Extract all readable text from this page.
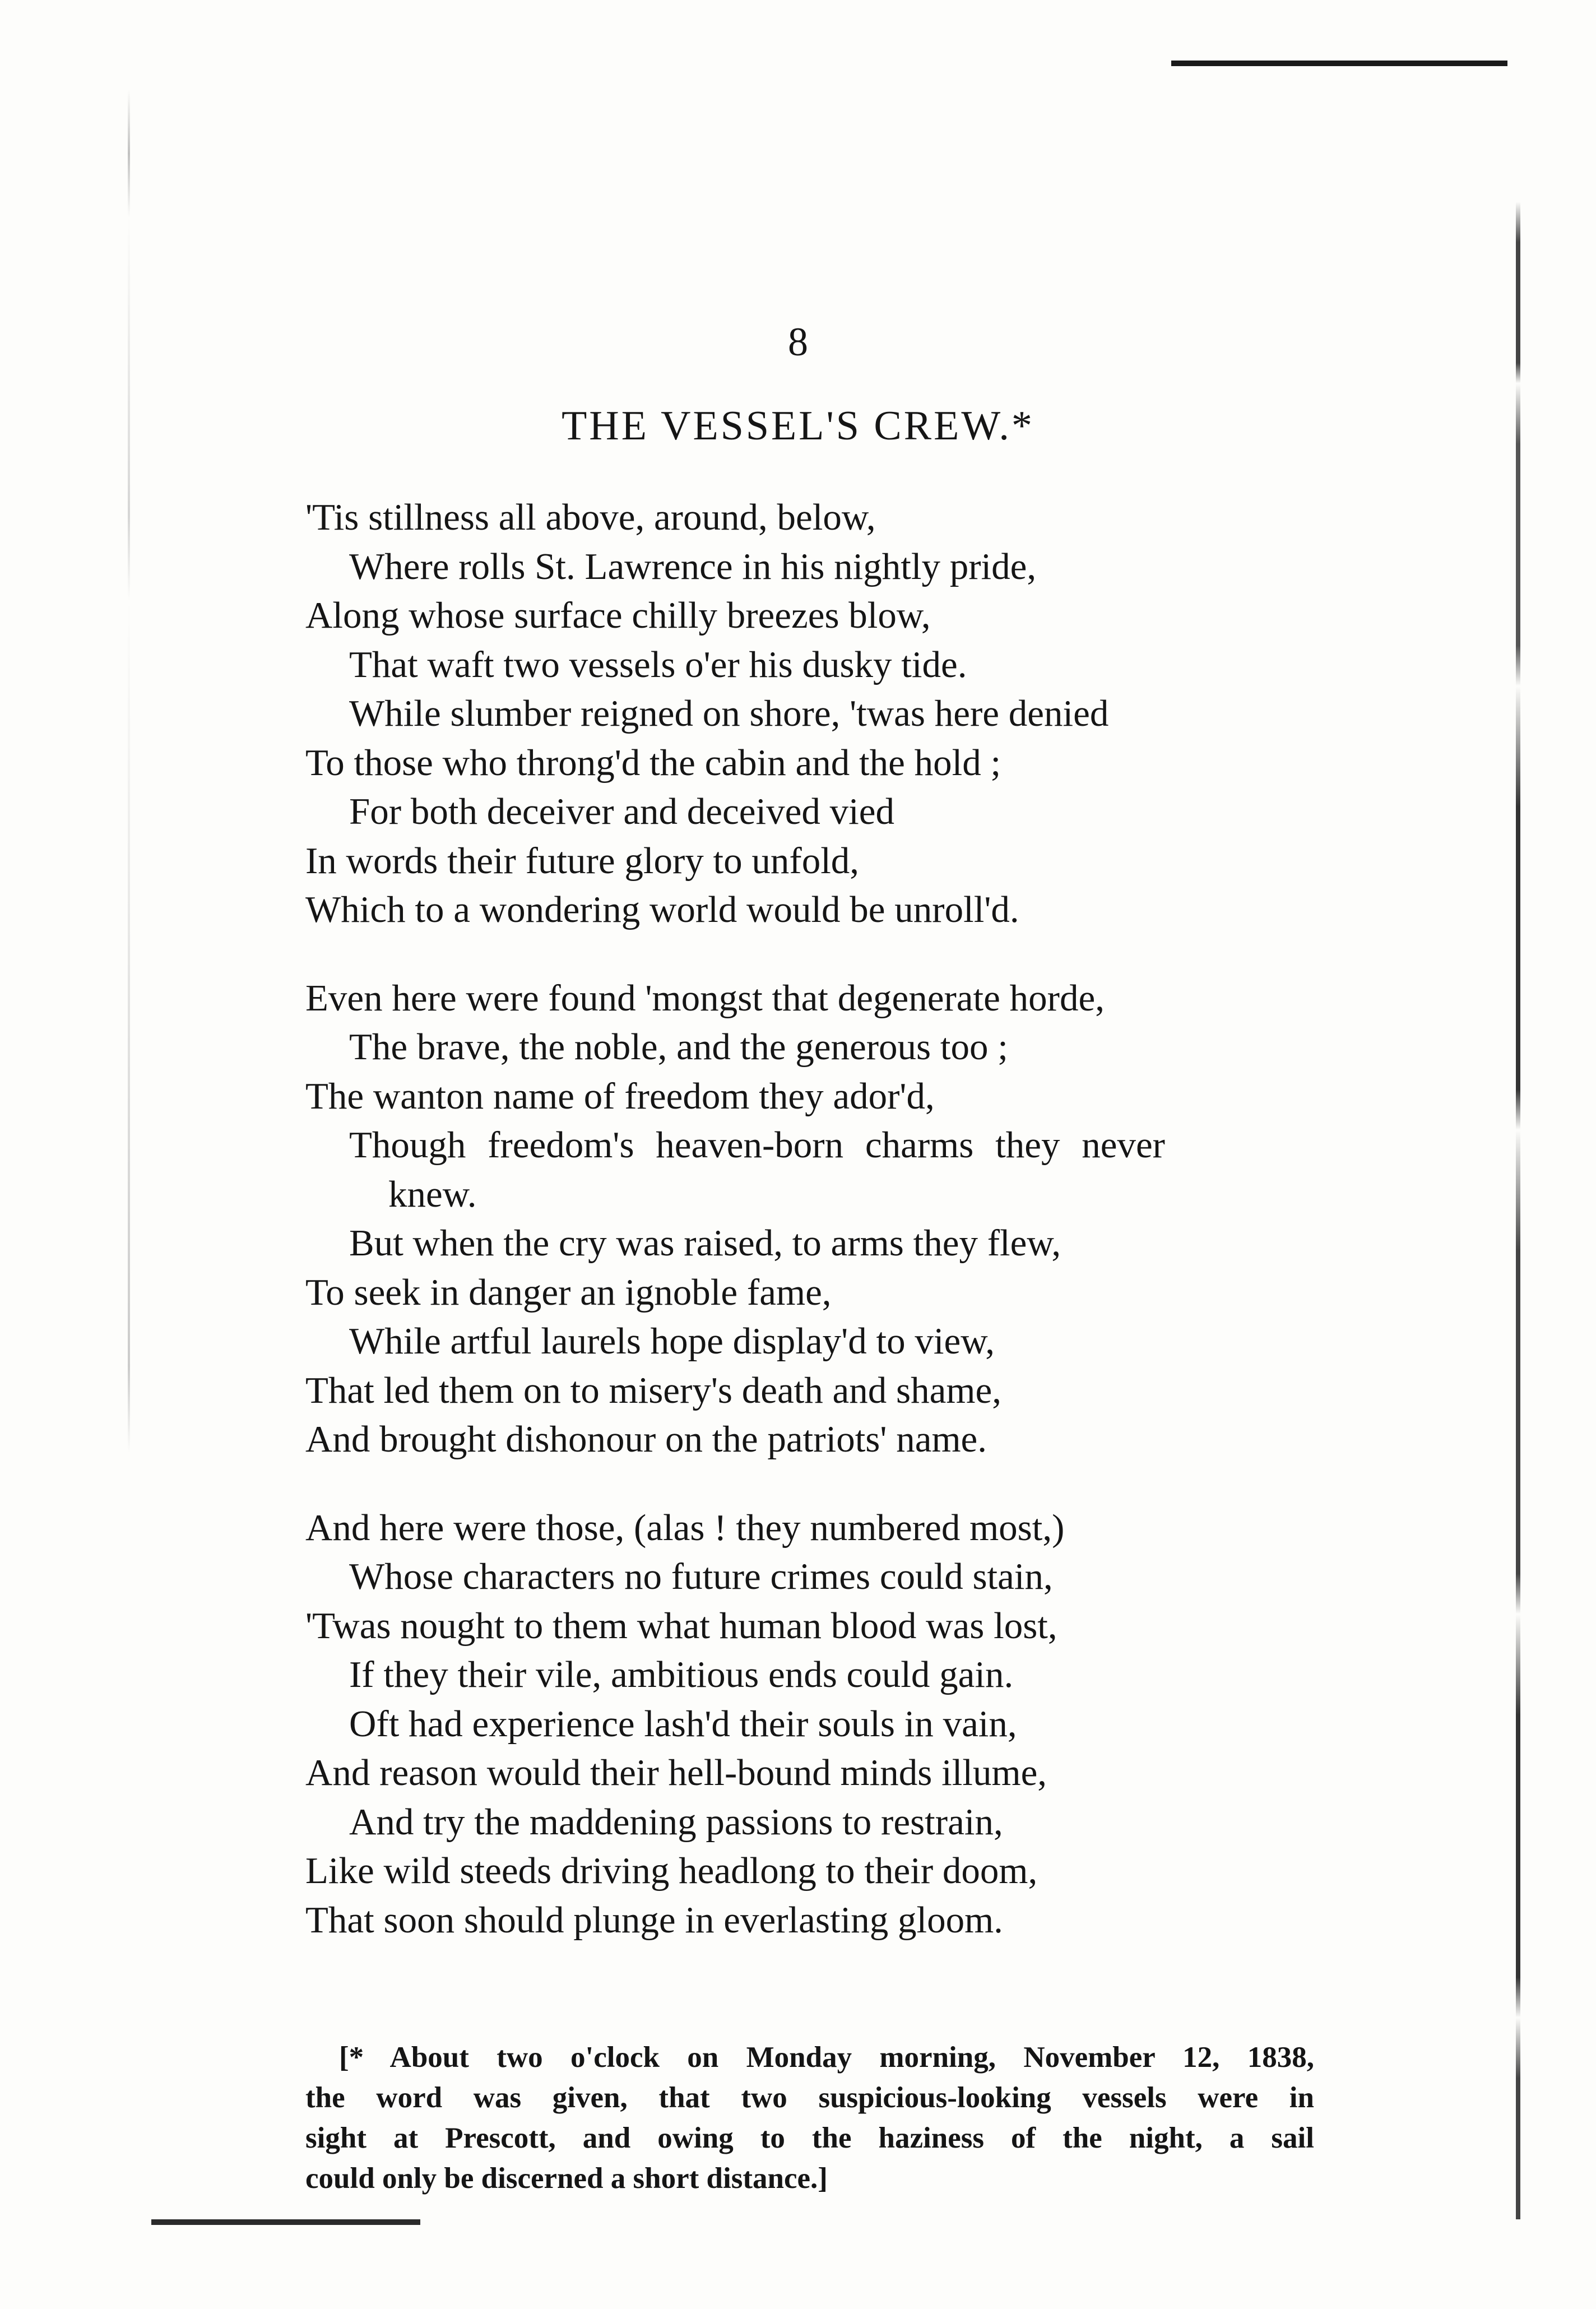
8
THE VESSEL'S CREW.*
'Tis stillness all above, around, below,
Where rolls St. Lawrence in his nightly pride,
Along whose surface chilly breezes blow,
That waft two vessels o'er his dusky tide.
While slumber reigned on shore, 'twas here denied
To those who throng'd the cabin and the hold ;
For both deceiver and deceived vied
In words their future glory to unfold,
Which to a wondering world would be unroll'd.
Even here were found 'mongst that degenerate horde,
The brave, the noble, and the generous too ;
The wanton name of freedom they ador'd,
Though freedom's heaven-born charms they never
knew.
But when the cry was raised, to arms they flew,
To seek in danger an ignoble fame,
While artful laurels hope display'd to view,
That led them on to misery's death and shame,
And brought dishonour on the patriots' name.
And here were those, (alas ! they numbered most,)
Whose characters no future crimes could stain,
'Twas nought to them what human blood was lost,
If they their vile, ambitious ends could gain.
Oft had experience lash'd their souls in vain,
And reason would their hell-bound minds illume,
And try the maddening passions to restrain,
Like wild steeds driving headlong to their doom,
That soon should plunge in everlasting gloom.
[* About two o'clock on Monday morning, November 12, 1838,
the word was given, that two suspicious-looking vessels were in
sight at Prescott, and owing to the haziness of the night, a sail
could only be discerned a short distance.]
